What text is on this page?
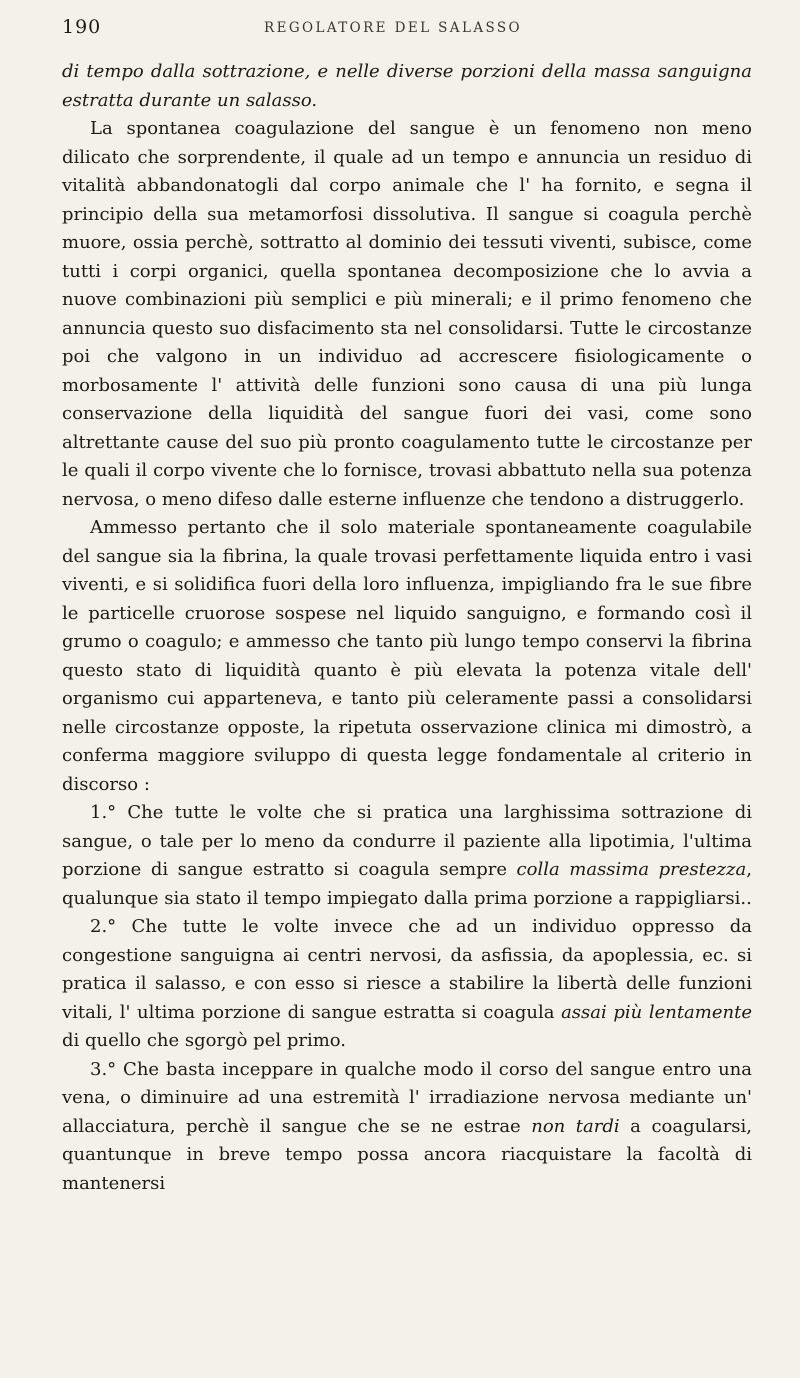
190	REGOLATORE DEL SALASSO

di tempo dalla sottrazione, e nelle diverse porzioni della massa sanguigna estratta durante un salasso.

La spontanea coagulazione del sangue è un fenomeno non meno dilicato che sorprendente, il quale ad un tempo e annuncia un residuo di vitalità abbandonatogli dal corpo animale che l' ha fornito, e segna il principio della sua metamorfosi dissolutiva. Il sangue si coagula perchè muore, ossia perchè, sottratto al dominio dei tessuti viventi, subisce, come tutti i corpi organici, quella spontanea decomposizione che lo avvia a nuove combinazioni più semplici e più minerali; e il primo fenomeno che annuncia questo suo disfacimento sta nel consolidarsi. Tutte le circostanze poi che valgono in un individuo ad accrescere fisiologicamente o morbosamente l' attività delle funzioni sono causa di una più lunga conservazione della liquidità del sangue fuori dei vasi, come sono altrettante cause del suo più pronto coagulamento tutte le circostanze per le quali il corpo vivente che lo fornisce, trovasi abbattuto nella sua potenza nervosa, o meno difeso dalle esterne influenze che tendono a distruggerlo.

Ammesso pertanto che il solo materiale spontaneamente coagulabile del sangue sia la fibrina, la quale trovasi perfettamente liquida entro i vasi viventi, e si solidifica fuori della loro influenza, impigliando fra le sue fibre le particelle cruorose sospese nel liquido sanguigno, e formando così il grumo o coagulo; e ammesso che tanto più lungo tempo conservi la fibrina questo stato di liquidità quanto è più elevata la potenza vitale dell' organismo cui apparteneva, e tanto più celeramente passi a consolidarsi nelle circostanze opposte, la ripetuta osservazione clinica mi dimostrò, a conferma maggiore sviluppo di questa legge fondamentale al criterio in discorso :

1.° Che tutte le volte che si pratica una larghissima sottrazione di sangue, o tale per lo meno da condurre il paziente alla lipotimia, l'ultima porzione di sangue estratto si coagula sempre colla massima prestezza, qualunque sia stato il tempo impiegato dalla prima porzione a rappigliarsi..

2.° Che tutte le volte invece che ad un individuo oppresso da congestione sanguigna ai centri nervosi, da asfissia, da apoplessia, ec. si pratica il salasso, e con esso si riesce a stabilire la libertà delle funzioni vitali, l' ultima porzione di sangue estratta si coagula assai più lentamente di quello che sgorgò pel primo.

3.° Che basta inceppare in qualche modo il corso del sangue entro una vena, o diminuire ad una estremità l' irradiazione nervosa mediante un' allacciatura, perchè il sangue che se ne estrae non tardi a coagularsi, quantunque in breve tempo possa ancora riacquistare la facoltà di mantenersi
